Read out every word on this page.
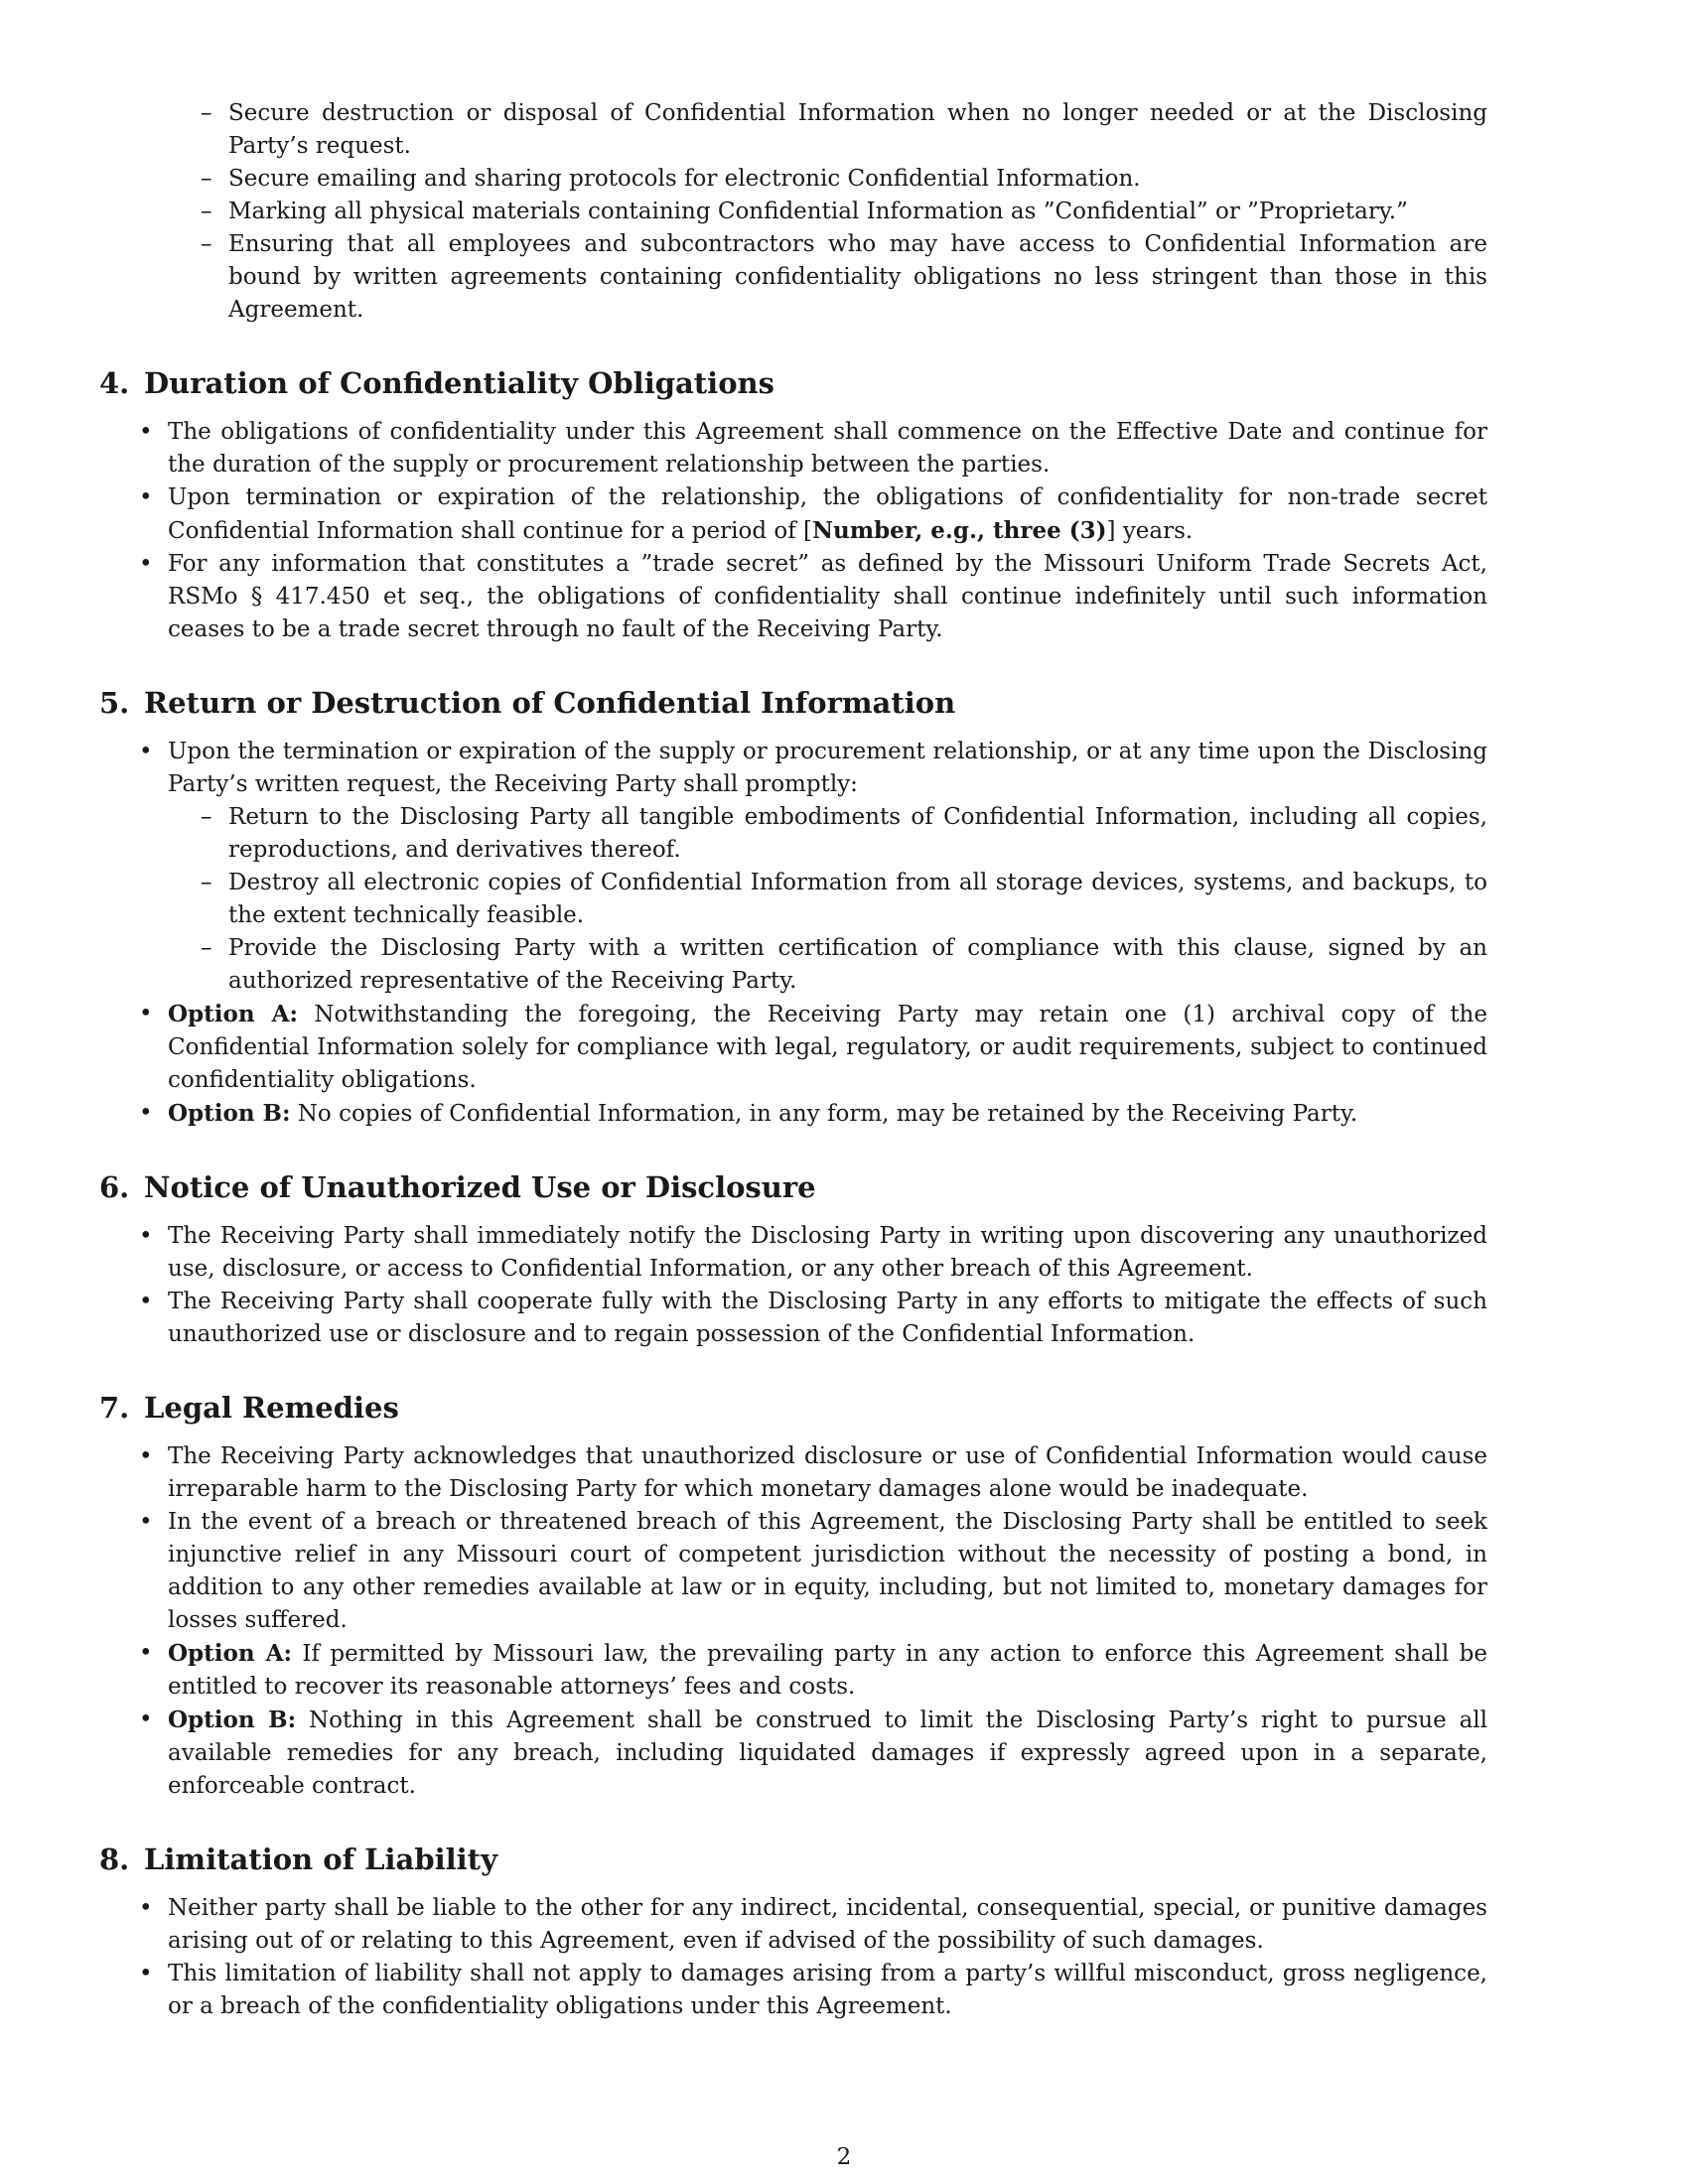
– Secure destruction or disposal of Confidential Information when no longer needed or at the Disclosing Party’s request.
– Secure emailing and sharing protocols for electronic Confidential Information.
– Marking all physical materials containing Confidential Information as ”Confidential” or ”Proprietary.”
– Ensuring that all employees and subcontractors who may have access to Confidential Information are bound by written agreements containing confidentiality obligations no less stringent than those in this Agreement.
4. Duration of Confidentiality Obligations
• The obligations of confidentiality under this Agreement shall commence on the Effective Date and continue for the duration of the supply or procurement relationship between the parties.
• Upon termination or expiration of the relationship, the obligations of confidentiality for non-trade secret Confidential Information shall continue for a period of [Number, e.g., three (3)] years.
• For any information that constitutes a ”trade secret” as defined by the Missouri Uniform Trade Secrets Act, RSMo § 417.450 et seq., the obligations of confidentiality shall continue indefinitely until such information ceases to be a trade secret through no fault of the Receiving Party.
5. Return or Destruction of Confidential Information
• Upon the termination or expiration of the supply or procurement relationship, or at any time upon the Disclosing Party’s written request, the Receiving Party shall promptly:
– Return to the Disclosing Party all tangible embodiments of Confidential Information, including all copies, reproductions, and derivatives thereof.
– Destroy all electronic copies of Confidential Information from all storage devices, systems, and backups, to the extent technically feasible.
– Provide the Disclosing Party with a written certification of compliance with this clause, signed by an authorized representative of the Receiving Party.
• Option A: Notwithstanding the foregoing, the Receiving Party may retain one (1) archival copy of the Confidential Information solely for compliance with legal, regulatory, or audit requirements, subject to continued confidentiality obligations.
• Option B: No copies of Confidential Information, in any form, may be retained by the Receiving Party.
6. Notice of Unauthorized Use or Disclosure
• The Receiving Party shall immediately notify the Disclosing Party in writing upon discovering any unauthorized use, disclosure, or access to Confidential Information, or any other breach of this Agreement.
• The Receiving Party shall cooperate fully with the Disclosing Party in any efforts to mitigate the effects of such unauthorized use or disclosure and to regain possession of the Confidential Information.
7. Legal Remedies
• The Receiving Party acknowledges that unauthorized disclosure or use of Confidential Information would cause irreparable harm to the Disclosing Party for which monetary damages alone would be inadequate.
• In the event of a breach or threatened breach of this Agreement, the Disclosing Party shall be entitled to seek injunctive relief in any Missouri court of competent jurisdiction without the necessity of posting a bond, in addition to any other remedies available at law or in equity, including, but not limited to, monetary damages for losses suffered.
• Option A: If permitted by Missouri law, the prevailing party in any action to enforce this Agreement shall be entitled to recover its reasonable attorneys’ fees and costs.
• Option B: Nothing in this Agreement shall be construed to limit the Disclosing Party’s right to pursue all available remedies for any breach, including liquidated damages if expressly agreed upon in a separate, enforceable contract.
8. Limitation of Liability
• Neither party shall be liable to the other for any indirect, incidental, consequential, special, or punitive damages arising out of or relating to this Agreement, even if advised of the possibility of such damages.
• This limitation of liability shall not apply to damages arising from a party’s willful misconduct, gross negligence, or a breach of the confidentiality obligations under this Agreement.
2
